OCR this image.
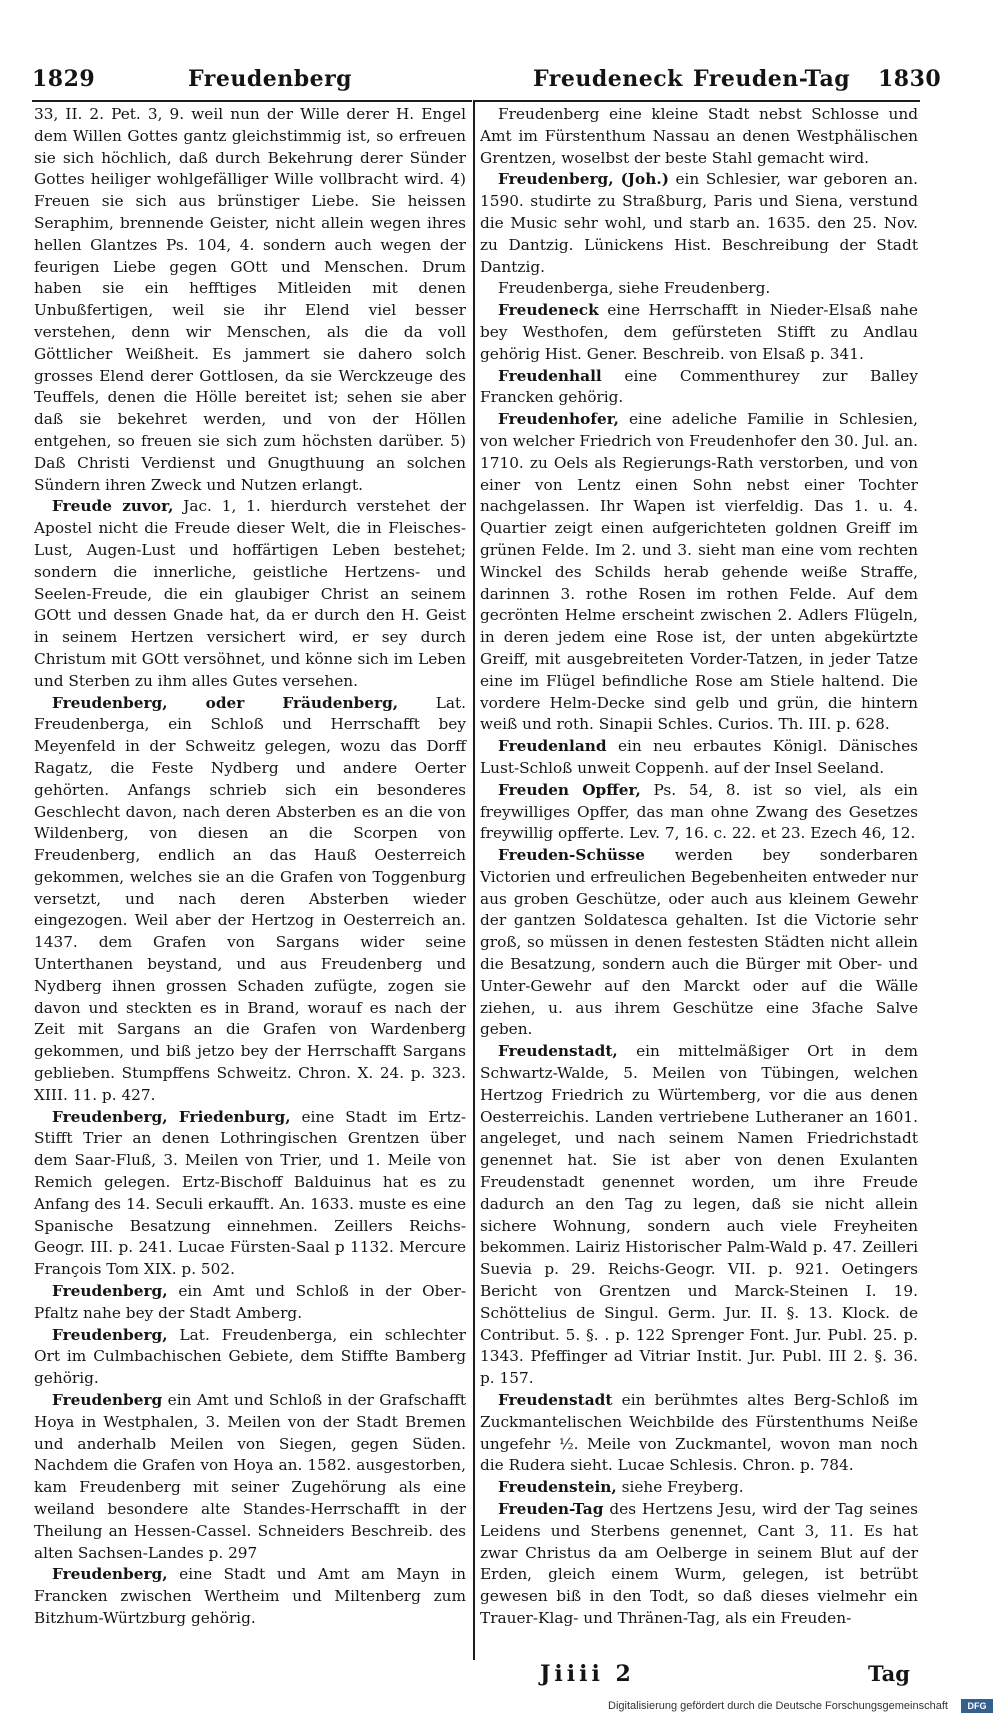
1829	Freudenberg	Freudeneck Freuden-Tag 1830

33, II. 2. Pet. 3, 9. weil nun der Wille derer H. Engel dem Willen Gottes gantz gleichstimmig ist, so erfreuen sie sich höchlich, daß durch Bekehrung derer Sünder Gottes heiliger wohlgefälliger Wille vollbracht wird. 4) Freuen sie sich aus brünstiger Liebe. Sie heissen Seraphim, brennende Geister, nicht allein wegen ihres hellen Glantzes Ps. 104, 4. sondern auch wegen der feurigen Liebe gegen GOtt und Menschen. Drum haben sie ein hefftiges Mitleiden mit denen Unbußfertigen, weil sie ihr Elend viel besser verstehen, denn wir Menschen, als die da voll Göttlicher Weißheit. Es jammert sie dahero solch grosses Elend derer Gottlosen, da sie Werckzeuge des Teuffels, denen die Hölle bereitet ist; sehen sie aber daß sie bekehret werden, und von der Höllen entgehen, so freuen sie sich zum höchsten darüber. 5) Daß Christi Verdienst und Gnugthuung an solchen Sündern ihren Zweck und Nutzen erlangt.

Freude zuvor, Jac. 1, 1. hierdurch verstehet der Apostel nicht die Freude dieser Welt, die in Fleisches-Lust, Augen-Lust und hoffärtigen Leben bestehet; sondern die innerliche, geistliche Hertzens- und Seelen-Freude, die ein glaubiger Christ an seinem GOtt und dessen Gnade hat, da er durch den H. Geist in seinem Hertzen versichert wird, er sey durch Christum mit GOtt versöhnet, und könne sich im Leben und Sterben zu ihm alles Gutes versehen.

Freudenberg, oder Fräudenberg, Lat. Freudenberga, ein Schloß und Herrschafft bey Meyenfeld in der Schweitz gelegen, wozu das Dorff Ragatz, die Feste Nydberg und andere Oerter gehörten. Anfangs schrieb sich ein besonderes Geschlecht davon, nach deren Absterben es an die von Wildenberg, von diesen an die Scorpen von Freudenberg, endlich an das Hauß Oesterreich gekommen, welches sie an die Grafen von Toggenburg versetzt, und nach deren Absterben wieder eingezogen. Weil aber der Hertzog in Oesterreich an. 1437. dem Grafen von Sargans wider seine Unterthanen beystand, und aus Freudenberg und Nydberg ihnen grossen Schaden zufügte, zogen sie davon und steckten es in Brand, worauf es nach der Zeit mit Sargans an die Grafen von Wardenberg gekommen, und biß jetzo bey der Herrschafft Sargans geblieben. Stumpffens Schweitz. Chron. X. 24. p. 323. XIII. 11. p. 427.

Freudenberg, Friedenburg, eine Stadt im Ertz-Stifft Trier an denen Lothringischen Grentzen über dem Saar-Fluß, 3. Meilen von Trier, und 1. Meile von Remich gelegen. Ertz-Bischoff Balduinus hat es zu Anfang des 14. Seculi erkaufft. An. 1633. muste es eine Spanische Besatzung einnehmen. Zeillers Reichs-Geogr. III. p. 241. Lucae Fürsten-Saal p 1132. Mercure François Tom XIX. p. 502.

Freudenberg, ein Amt und Schloß in der Ober-Pfaltz nahe bey der Stadt Amberg.

Freudenberg, Lat. Freudenberga, ein schlechter Ort im Culmbachischen Gebiete, dem Stiffte Bamberg gehörig.

Freudenberg ein Amt und Schloß in der Grafschafft Hoya in Westphalen, 3. Meilen von der Stadt Bremen und anderhalb Meilen von Siegen, gegen Süden. Nachdem die Grafen von Hoya an. 1582. ausgestorben, kam Freudenberg mit seiner Zugehörung als eine weiland besondere alte Standes-Herrschafft in der Theilung an Hessen-Cassel. Schneiders Beschreib. des alten Sachsen-Landes p. 297

Freudenberg, eine Stadt und Amt am Mayn in Francken zwischen Wertheim und Miltenberg zum Bitzhum-Würtzburg gehörig.

Freudenberg eine kleine Stadt nebst Schlosse und Amt im Fürstenthum Nassau an denen Westphälischen Grentzen, woselbst der beste Stahl gemacht wird.

Freudenberg, (Joh.) ein Schlesier, war geboren an. 1590. studirte zu Straßburg, Paris und Siena, verstund die Music sehr wohl, und starb an. 1635. den 25. Nov. zu Dantzig. Lünickens Hist. Beschreibung der Stadt Dantzig.

Freudenberga, siehe Freudenberg.

Freudeneck eine Herrschafft in Nieder-Elsaß nahe bey Westhofen, dem gefürsteten Stifft zu Andlau gehörig Hist. Gener. Beschreib. von Elsaß p. 341.

Freudenhall eine Commenthurey zur Balley Francken gehörig.

Freudenhofer, eine adeliche Familie in Schlesien, von welcher Friedrich von Freudenhofer den 30. Jul. an. 1710. zu Oels als Regierungs-Rath verstorben, und von einer von Lentz einen Sohn nebst einer Tochter nachgelassen. Ihr Wapen ist vierfeldig. Das 1. u. 4. Quartier zeigt einen aufgerichteten goldnen Greiff im grünen Felde. Im 2. und 3. sieht man eine vom rechten Winckel des Schilds herab gehende weiße Straffe, darinnen 3. rothe Rosen im rothen Felde. Auf dem gecrönten Helme erscheint zwischen 2. Adlers Flügeln, in deren jedem eine Rose ist, der unten abgekürtzte Greiff, mit ausgebreiteten Vorder-Tatzen, in jeder Tatze eine im Flügel befindliche Rose am Stiele haltend. Die vordere Helm-Decke sind gelb und grün, die hintern weiß und roth. Sinapii Schles. Curios. Th. III. p. 628.

Freudenland ein neu erbautes Königl. Dänisches Lust-Schloß unweit Coppenh. auf der Insel Seeland.

Freuden Opffer, Ps. 54, 8. ist so viel, als ein freywilliges Opffer, das man ohne Zwang des Gesetzes freywillig opfferte. Lev. 7, 16. c. 22. et 23. Ezech 46, 12.

Freuden-Schüsse werden bey sonderbaren Victorien und erfreulichen Begebenheiten entweder nur aus groben Geschütze, oder auch aus kleinem Gewehr der gantzen Soldatesca gehalten. Ist die Victorie sehr groß, so müssen in denen festesten Städten nicht allein die Besatzung, sondern auch die Bürger mit Ober- und Unter-Gewehr auf den Marckt oder auf die Wälle ziehen, u. aus ihrem Geschütze eine 3fache Salve geben.

Freudenstadt, ein mittelmäßiger Ort in dem Schwartz-Walde, 5. Meilen von Tübingen, welchen Hertzog Friedrich zu Würtemberg, vor die aus denen Oesterreichis. Landen vertriebene Lutheraner an 1601. angeleget, und nach seinem Namen Friedrichstadt genennet hat. Sie ist aber von denen Exulanten Freudenstadt genennet worden, um ihre Freude dadurch an den Tag zu legen, daß sie nicht allein sichere Wohnung, sondern auch viele Freyheiten bekommen. Lairiz Historischer Palm-Wald p. 47. Zeilleri Suevia p. 29. Reichs-Geogr. VII. p. 921. Oetingers Bericht von Grentzen und Marck-Steinen I. 19. Schöttelius de Singul. Germ. Jur. II. §. 13. Klock. de Contribut. 5. §. . p. 122 Sprenger Font. Jur. Publ. 25. p. 1343. Pfeffinger ad Vitriar Instit. Jur. Publ. III 2. §. 36. p. 157.

Freudenstadt ein berühmtes altes Berg-Schloß im Zuckmantelischen Weichbilde des Fürstenthums Neiße ungefehr ½. Meile von Zuckmantel, wovon man noch die Rudera sieht. Lucae Schlesis. Chron. p. 784.

Freudenstein, siehe Freyberg.

Freuden-Tag des Hertzens Jesu, wird der Tag seines Leidens und Sterbens genennet, Cant 3, 11. Es hat zwar Christus da am Oelberge in seinem Blut auf der Erden, gleich einem Wurm, gelegen, ist betrübt gewesen biß in den Todt, so daß dieses vielmehr ein Trauer-Klag- und Thränen-Tag, als ein Freuden-

Jiiii 2	Tag
Digitalisierung gefördert durch die Deutsche Forschungsgemeinschaft	DFG
